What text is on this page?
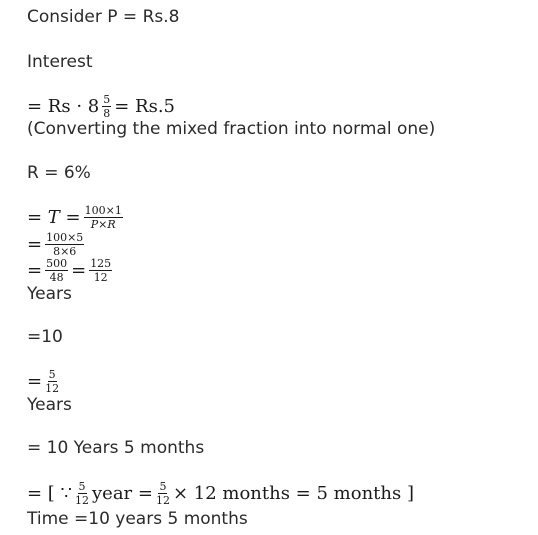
Consider P = Rs.8
Interest
= $Rs \cdot 8 \frac{5}{8} = Rs.5$
(Converting the mixed fraction into normal one)
R = 6%
= $T = \frac{100\times 1}{P\times R}$
= $\frac{100\times 5}{8\times 6}$
= $\frac{500}{48} = \frac{125}{12}$
Years
=10
= $\frac{5}{12}$
Years
= 10 Years 5 months
= [ ∵ $\frac{5}{12}$ year = $\frac{5}{12} \times 12$ months = 5 months ]
Time =10 years 5 months
